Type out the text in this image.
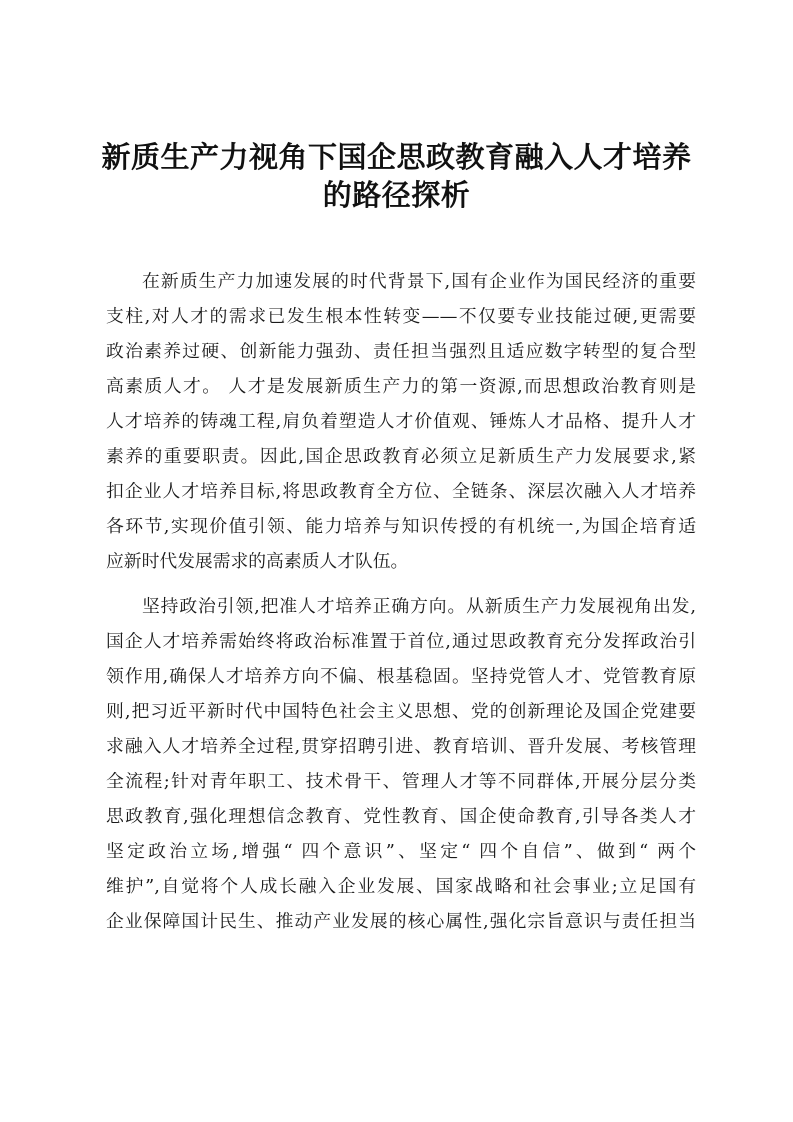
新质生产力视角下国企思政教育融入人才培养
的路径探析

在新质生产力加速发展的时代背景下,国有企业作为国民经济的重要
支柱,对人才的需求已发生根本性转变——不仅要专业技能过硬,更需要
政治素养过硬、创新能力强劲、责任担当强烈且适应数字转型的复合型
高素质人才。 人才是发展新质生产力的第一资源,而思想政治教育则是
人才培养的铸魂工程,肩负着塑造人才价值观、锤炼人才品格、提升人才
素养的重要职责。因此,国企思政教育必须立足新质生产力发展要求,紧
扣企业人才培养目标,将思政教育全方位、全链条、深层次融入人才培养
各环节,实现价值引领、能力培养与知识传授的有机统一,为国企培育适
应新时代发展需求的高素质人才队伍。

坚持政治引领,把准人才培养正确方向。从新质生产力发展视角出发,
国企人才培养需始终将政治标准置于首位,通过思政教育充分发挥政治引
领作用,确保人才培养方向不偏、根基稳固。坚持党管人才、党管教育原
则,把习近平新时代中国特色社会主义思想、党的创新理论及国企党建要
求融入人才培养全过程,贯穿招聘引进、教育培训、晋升发展、考核管理
全流程;针对青年职工、技术骨干、管理人才等不同群体,开展分层分类
思政教育,强化理想信念教育、党性教育、国企使命教育,引导各类人才
坚定政治立场,增强“ 四个意识”、坚定“ 四个自信”、做到“ 两个
维护”,自觉将个人成长融入企业发展、国家战略和社会事业;立足国有
企业保障国计民生、推动产业发展的核心属性,强化宗旨意识与责任担当
